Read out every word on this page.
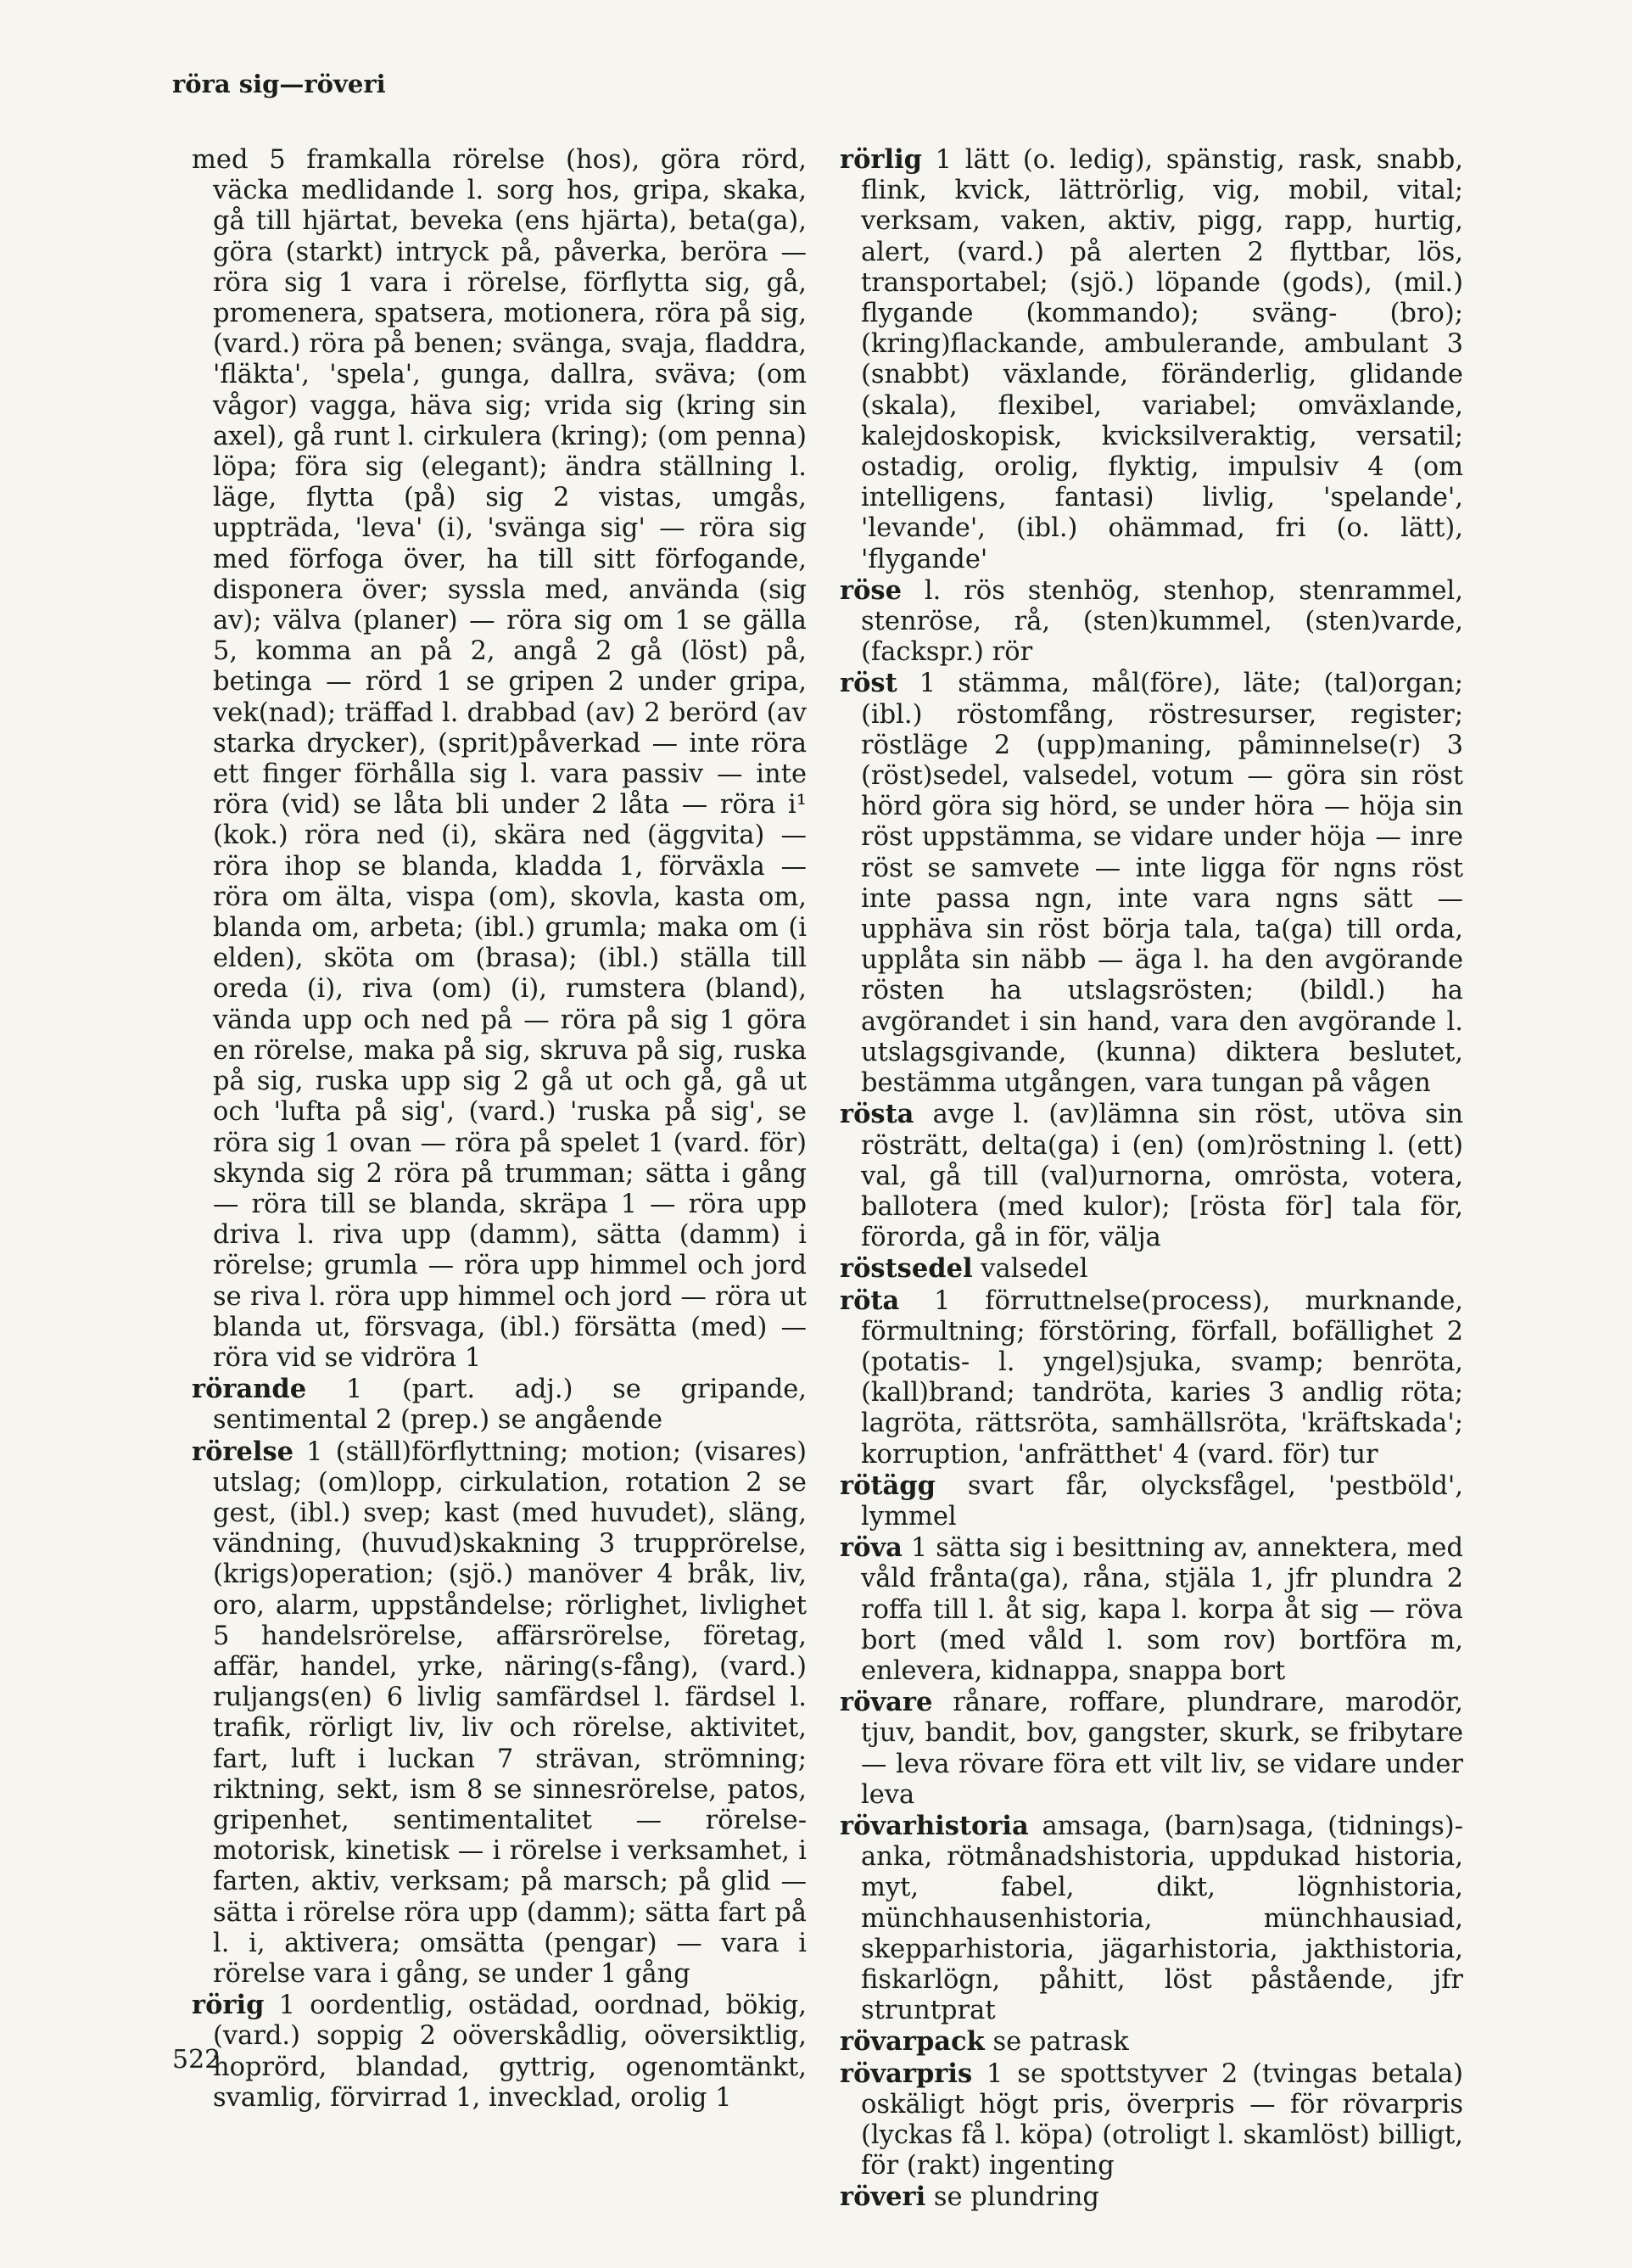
röra sig—röveri

med 5 framkalla rörelse (hos), göra rörd, väcka medlidande l. sorg hos, gripa, skaka, gå till hjärtat, beveka (ens hjärta), beta(ga), göra (starkt) intryck på, påverka, beröra — röra sig 1 vara i rörelse, förflytta sig, gå, promenera, spatsera, motionera, röra på sig, (vard.) röra på benen; svänga, svaja, fladdra, 'fläkta', 'spela', gunga, dallra, sväva; (om vågor) vagga, häva sig; vrida sig (kring sin axel), gå runt l. cirkulera (kring); (om penna) löpa; föra sig (elegant); ändra ställning l. läge, flytta (på) sig 2 vistas, umgås, uppträda, 'leva' (i), 'svänga sig' — röra sig med förfoga över, ha till sitt förfogande, disponera över; syssla med, använda (sig av); välva (planer) — röra sig om 1 se gälla 5, komma an på 2, angå 2 gå (löst) på, betinga — rörd 1 se gripen 2 under gripa, vek(nad); träffad l. drabbad (av) 2 berörd (av starka drycker), (sprit)påverkad — inte röra ett finger förhålla sig l. vara passiv — inte röra (vid) se låta bli under 2 låta — röra i¹ (kok.) röra ned (i), skära ned (äggvita) — röra ihop se blanda, kladda 1, förväxla — röra om älta, vispa (om), skovla, kasta om, blanda om, arbeta; (ibl.) grumla; maka om (i elden), sköta om (brasa); (ibl.) ställa till oreda (i), riva (om) (i), rumstera (bland), vända upp och ned på — röra på sig 1 göra en rörelse, maka på sig, skruva på sig, ruska på sig, ruska upp sig 2 gå ut och gå, gå ut och 'lufta på sig', (vard.) 'ruska på sig', se röra sig 1 ovan — röra på spelet 1 (vard. för) skynda sig 2 röra på trumman; sätta i gång — röra till se blanda, skräpa 1 — röra upp driva l. riva upp (damm), sätta (damm) i rörelse; grumla — röra upp himmel och jord se riva l. röra upp himmel och jord — röra ut blanda ut, försvaga, (ibl.) försätta (med) — röra vid se vidröra 1

rörande 1 (part. adj.) se gripande, sentimental 2 (prep.) se angående

rörelse 1 (ställ)förflyttning; motion; (visares) utslag; (om)lopp, cirkulation, rotation 2 se gest, (ibl.) svep; kast (med huvudet), släng, vändning, (huvud)skakning 3 trupprörelse, (krigs)operation; (sjö.) manöver 4 bråk, liv, oro, alarm, uppståndelse; rörlighet, livlighet 5 handelsrörelse, affärsrörelse, företag, affär, handel, yrke, näring(s-fång), (vard.) ruljangs(en) 6 livlig samfärdsel l. färdsel l. trafik, rörligt liv, liv och rörelse, aktivitet, fart, luft i luckan 7 strävan, strömning; riktning, sekt, ism 8 se sinnesrörelse, patos, gripenhet, sentimentalitet — rörelse- motorisk, kinetisk — i rörelse i verksamhet, i farten, aktiv, verksam; på marsch; på glid — sätta i rörelse röra upp (damm); sätta fart på l. i, aktivera; omsätta (pengar) — vara i rörelse vara i gång, se under 1 gång

rörig 1 oordentlig, ostädad, oordnad, bökig, (vard.) soppig 2 oöverskådlig, oöversiktlig, hoprörd, blandad, gyttrig, ogenomtänkt, svamlig, förvirrad 1, invecklad, orolig 1

rörlig 1 lätt (o. ledig), spänstig, rask, snabb, flink, kvick, lättrörlig, vig, mobil, vital; verksam, vaken, aktiv, pigg, rapp, hurtig, alert, (vard.) på alerten 2 flyttbar, lös, transportabel; (sjö.) löpande (gods), (mil.) flygande (kommando); sväng- (bro); (kring)flackande, ambulerande, ambulant 3 (snabbt) växlande, föränderlig, glidande (skala), flexibel, variabel; omväxlande, kalejdoskopisk, kvicksilveraktig, versatil; ostadig, orolig, flyktig, impulsiv 4 (om intelligens, fantasi) livlig, 'spelande', 'levande', (ibl.) ohämmad, fri (o. lätt), 'flygande'

röse l. rös stenhög, stenhop, stenrammel, stenröse, rå, (sten)kummel, (sten)varde, (fackspr.) rör

röst 1 stämma, mål(före), läte; (tal)organ; (ibl.) röstomfång, röstresurser, register; röstläge 2 (upp)maning, påminnelse(r) 3 (röst)sedel, valsedel, votum — göra sin röst hörd göra sig hörd, se under höra — höja sin röst uppstämma, se vidare under höja — inre röst se samvete — inte ligga för ngns röst inte passa ngn, inte vara ngns sätt — upphäva sin röst börja tala, ta(ga) till orda, upplåta sin näbb — äga l. ha den avgörande rösten ha utslagsrösten; (bildl.) ha avgörandet i sin hand, vara den avgörande l. utslagsgivande, (kunna) diktera beslutet, bestämma utgången, vara tungan på vågen

rösta avge l. (av)lämna sin röst, utöva sin rösträtt, delta(ga) i (en) (om)röstning l. (ett) val, gå till (val)urnorna, omrösta, votera, ballotera (med kulor); [rösta för] tala för, förorda, gå in för, välja

röstsedel valsedel

röta 1 förruttnelse(process), murknande, förmultning; förstöring, förfall, bofällighet 2 (potatis- l. yngel)sjuka, svamp; benröta, (kall)brand; tandröta, karies 3 andlig röta; lagröta, rättsröta, samhällsröta, 'kräftskada'; korruption, 'anfrätthet' 4 (vard. för) tur

rötägg svart får, olycksfågel, 'pestböld', lymmel

röva 1 sätta sig i besittning av, annektera, med våld frånta(ga), råna, stjäla 1, jfr plundra 2 roffa till l. åt sig, kapa l. korpa åt sig — röva bort (med våld l. som rov) bortföra m, enlevera, kidnappa, snappa bort

rövare rånare, roffare, plundrare, marodör, tjuv, bandit, bov, gangster, skurk, se fribytare — leva rövare föra ett vilt liv, se vidare under leva

rövarhistoria amsaga, (barn)saga, (tidnings)-anka, rötmånadshistoria, uppdukad historia, myt, fabel, dikt, lögnhistoria, münchhausenhistoria, münchhausiad, skepparhistoria, jägarhistoria, jakthistoria, fiskarlögn, påhitt, löst påstående, jfr struntprat

rövarpack se patrask

rövarpris 1 se spottstyver 2 (tvingas betala) oskäligt högt pris, överpris — för rövarpris (lyckas få l. köpa) (otroligt l. skamlöst) billigt, för (rakt) ingenting

röveri se plundring

522
